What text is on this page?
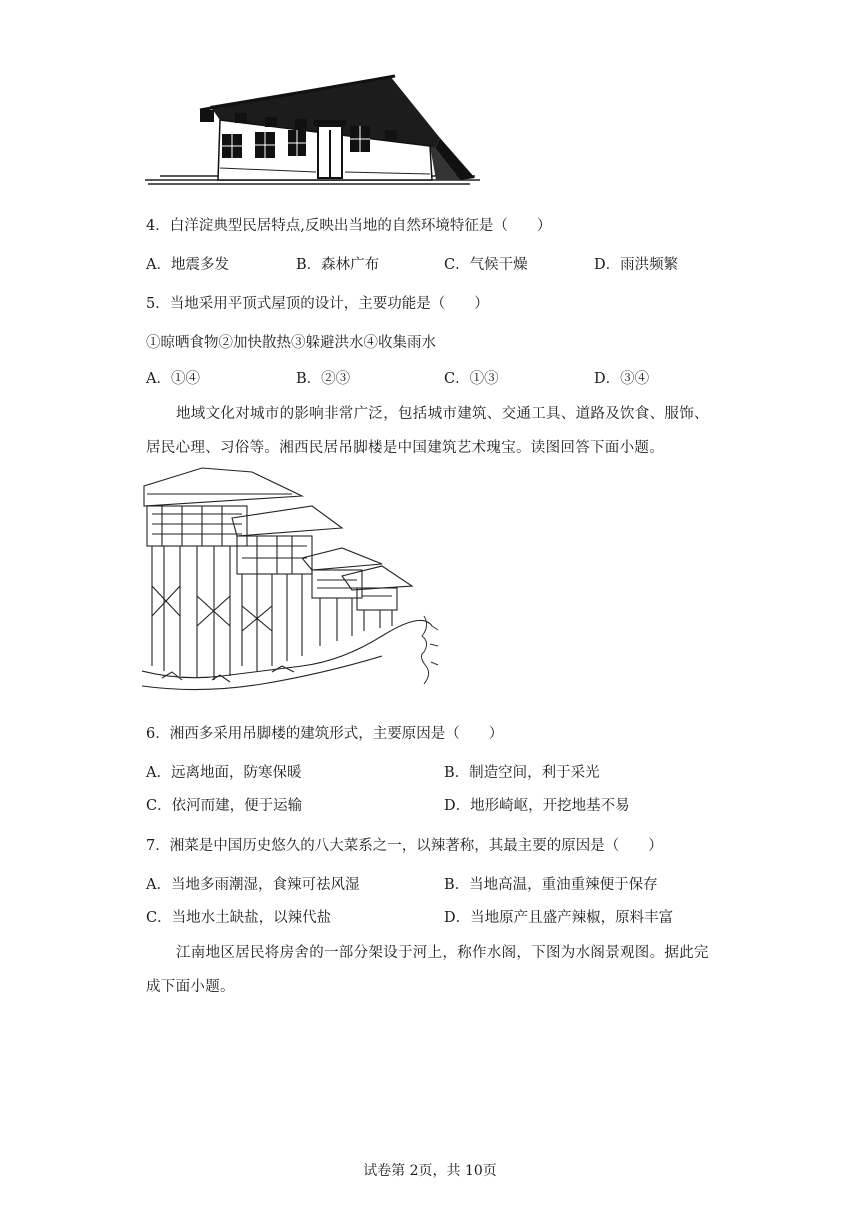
4．白洋淀典型民居特点,反映出当地的自然环境特征是（　　）
A．地震多发	B．森林广布	C．气候干燥	D．雨洪频繁
5．当地采用平顶式屋顶的设计，主要功能是（　　）
①晾晒食物②加快散热③躲避洪水④收集雨水
A．①④	B．②③	C．①③	D．③④
地域文化对城市的影响非常广泛，包括城市建筑、交通工具、道路及饮食、服饰、
居民心理、习俗等。湘西民居吊脚楼是中国建筑艺术瑰宝。读图回答下面小题。
6．湘西多采用吊脚楼的建筑形式，主要原因是（　　）
A．远离地面，防寒保暖	B．制造空间，利于采光
C．依河而建，便于运输	D．地形崎岖，开挖地基不易
7．湘菜是中国历史悠久的八大菜系之一，以辣著称，其最主要的原因是（　　）
A．当地多雨潮湿，食辣可祛风湿	B．当地高温，重油重辣便于保存
C．当地水土缺盐，以辣代盐	D．当地原产且盛产辣椒，原料丰富
江南地区居民将房舍的一部分架设于河上，称作水阁，下图为水阁景观图。据此完
成下面小题。
试卷第 2页，共 10页
